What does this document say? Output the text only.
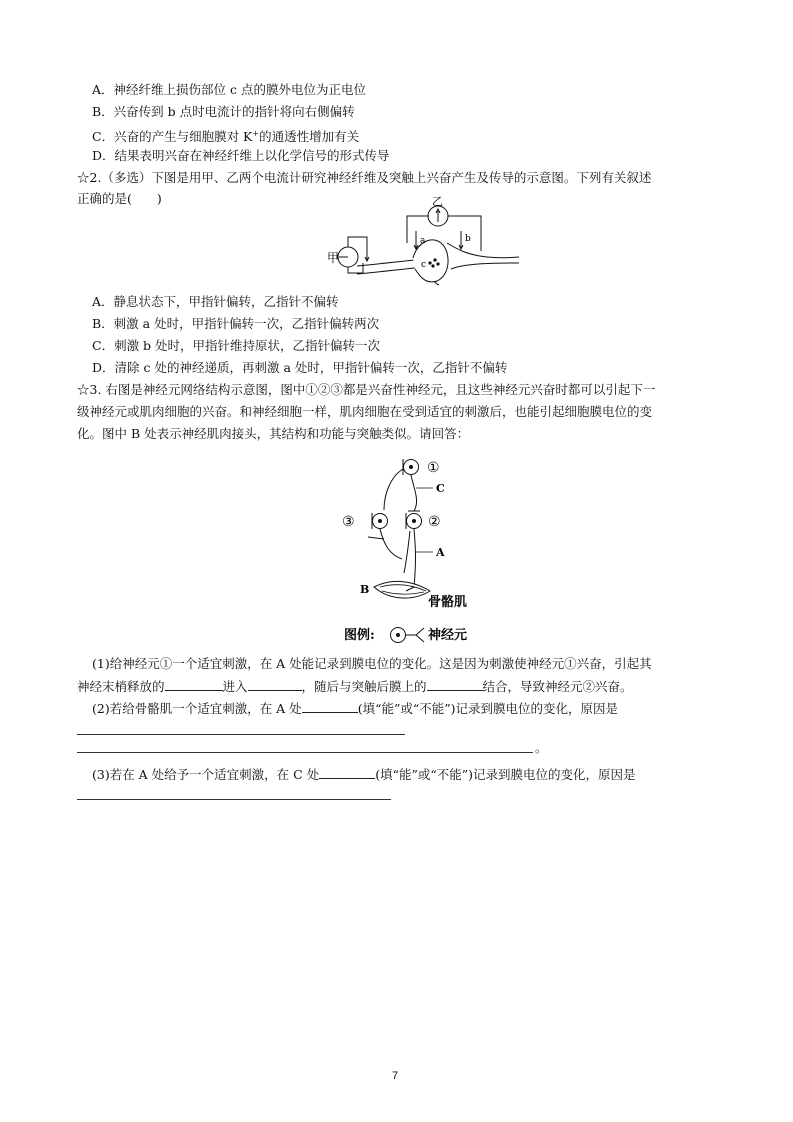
A．神经纤维上损伤部位 c 点的膜外电位为正电位
B．兴奋传到 b 点时电流计的指针将向右侧偏转
C．兴奋的产生与细胞膜对 K+的通透性增加有关
D．结果表明兴奋在神经纤维上以化学信号的形式传导
☆2.（多选）下图是用甲、乙两个电流计研究神经纤维及突触上兴奋产生及传导的示意图。下列有关叙述
正确的是(　　)
甲	c
乙
a	b
A．静息状态下，甲指针偏转，乙指针不偏转
B．刺激 a 处时，甲指针偏转一次，乙指针偏转两次
C．刺激 b 处时，甲指针维持原状，乙指针偏转一次
D．清除 c 处的神经递质，再刺激 a 处时，甲指针偏转一次，乙指针不偏转
☆3. 右图是神经元网络结构示意图，图中①②③都是兴奋性神经元，且这些神经元兴奋时都可以引起下一
级神经元或肌肉细胞的兴奋。和神经细胞一样，肌肉细胞在受到适宜的刺激后，也能引起细胞膜电位的变
化。图中 B 处表示神经肌肉接头，其结构和功能与突触类似。请回答：
①
C
③	②
A
B
骨骼肌
图例:	神经元
(1)给神经元①一个适宜刺激，在 A 处能记录到膜电位的变化。这是因为刺激使神经元①兴奋，引起其
神经末梢释放的	进入	，随后与突触后膜上的	结合，导致神经元②兴奋。
(2)若给骨骼肌一个适宜刺激，在 A 处	(填“能”或“不能”)记录到膜电位的变化，原因是
。
(3)若在 A 处给予一个适宜刺激，在 C 处	(填“能”或“不能”)记录到膜电位的变化，原因是
7
